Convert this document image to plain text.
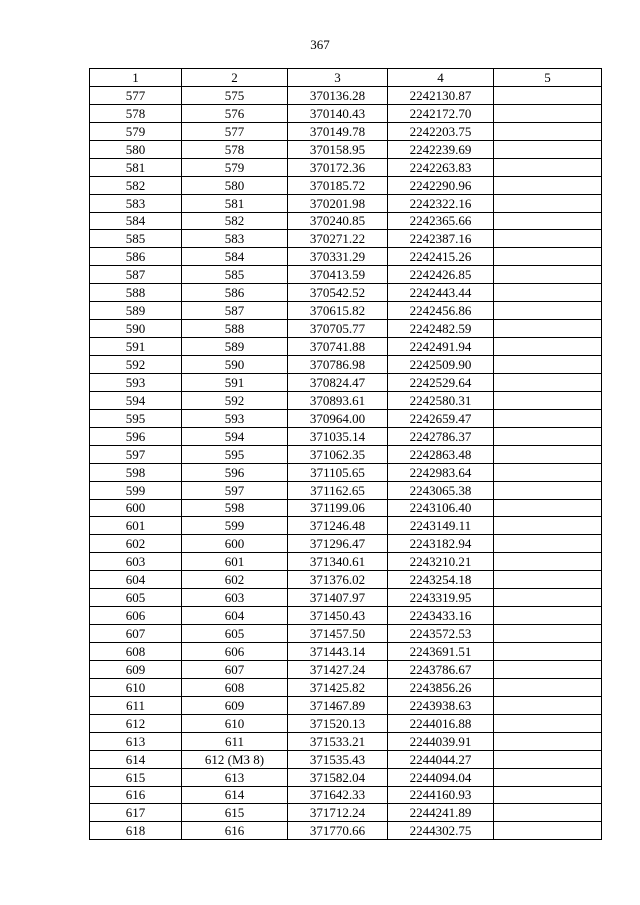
367
1	2	3	4	5
577	575	370136.28	2242130.87	
578	576	370140.43	2242172.70	
579	577	370149.78	2242203.75	
580	578	370158.95	2242239.69	
581	579	370172.36	2242263.83	
582	580	370185.72	2242290.96	
583	581	370201.98	2242322.16	
584	582	370240.85	2242365.66	
585	583	370271.22	2242387.16	
586	584	370331.29	2242415.26	
587	585	370413.59	2242426.85	
588	586	370542.52	2242443.44	
589	587	370615.82	2242456.86	
590	588	370705.77	2242482.59	
591	589	370741.88	2242491.94	
592	590	370786.98	2242509.90	
593	591	370824.47	2242529.64	
594	592	370893.61	2242580.31	
595	593	370964.00	2242659.47	
596	594	371035.14	2242786.37	
597	595	371062.35	2242863.48	
598	596	371105.65	2242983.64	
599	597	371162.65	2243065.38	
600	598	371199.06	2243106.40	
601	599	371246.48	2243149.11	
602	600	371296.47	2243182.94	
603	601	371340.61	2243210.21	
604	602	371376.02	2243254.18	
605	603	371407.97	2243319.95	
606	604	371450.43	2243433.16	
607	605	371457.50	2243572.53	
608	606	371443.14	2243691.51	
609	607	371427.24	2243786.67	
610	608	371425.82	2243856.26	
611	609	371467.89	2243938.63	
612	610	371520.13	2244016.88	
613	611	371533.21	2244039.91	
614	612 (МЗ 8)	371535.43	2244044.27	
615	613	371582.04	2244094.04	
616	614	371642.33	2244160.93	
617	615	371712.24	2244241.89	
618	616	371770.66	2244302.75	
